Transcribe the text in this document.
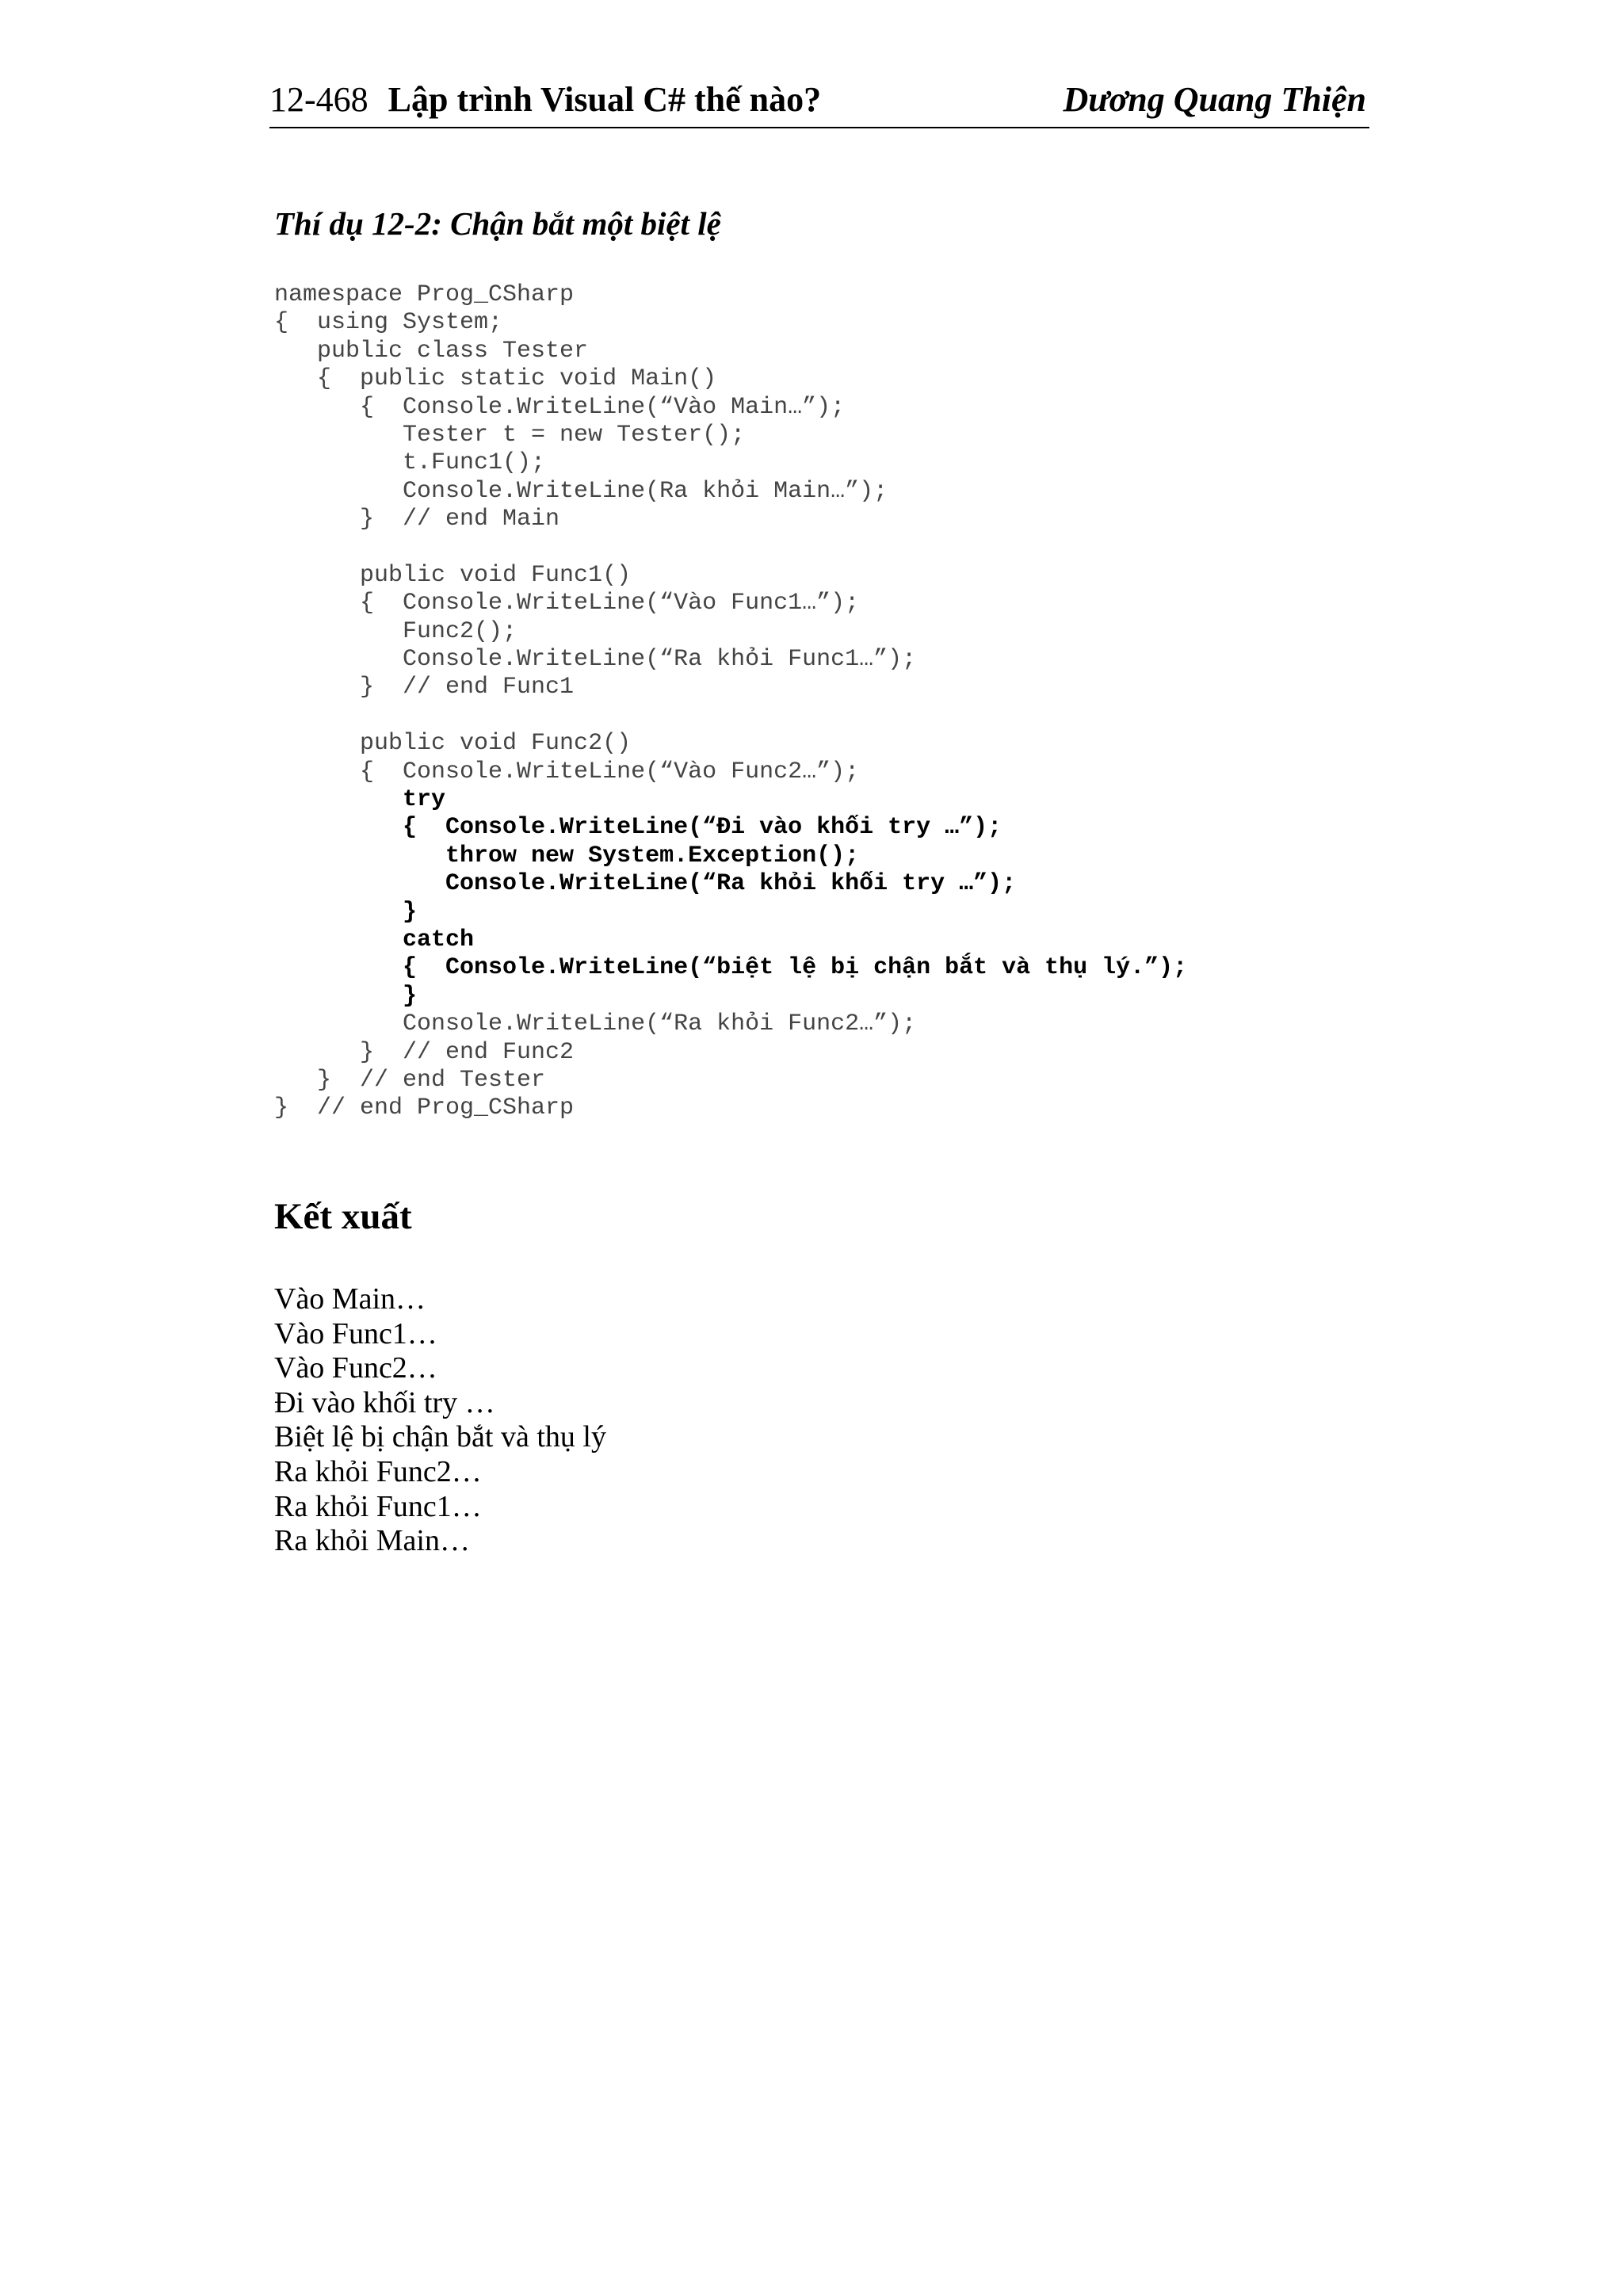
12-468 Lập trình Visual C# thế nào?	Dương Quang Thiện
Thí dụ 12-2: Chận bắt một biệt lệ
namespace Prog_CSharp
{  using System;
public class Tester
{  public static void Main()
{  Console.WriteLine(“Vào Main…”);
Tester t = new Tester();
t.Func1();
Console.WriteLine(Ra khỏi Main…”);
}  // end Main
public void Func1()
{  Console.WriteLine(“Vào Func1…”);
Func2();
Console.WriteLine(“Ra khỏi Func1…”);
}  // end Func1
public void Func2()
{  Console.WriteLine(“Vào Func2…”);
try
{  Console.WriteLine(“Đi vào khối try …”);
throw new System.Exception();
Console.WriteLine(“Ra khỏi khối try …”);
}
catch
{  Console.WriteLine(“biệt lệ bị chận bắt và thụ lý.”);
}
Console.WriteLine(“Ra khỏi Func2…”);
}  // end Func2
}  // end Tester
}  // end Prog_CSharp
Kết xuất
Vào Main…
Vào Func1…
Vào Func2…
Đi vào khối try …
Biệt lệ bị chận bắt và thụ lý
Ra khỏi Func2…
Ra khỏi Func1…
Ra khỏi Main…
